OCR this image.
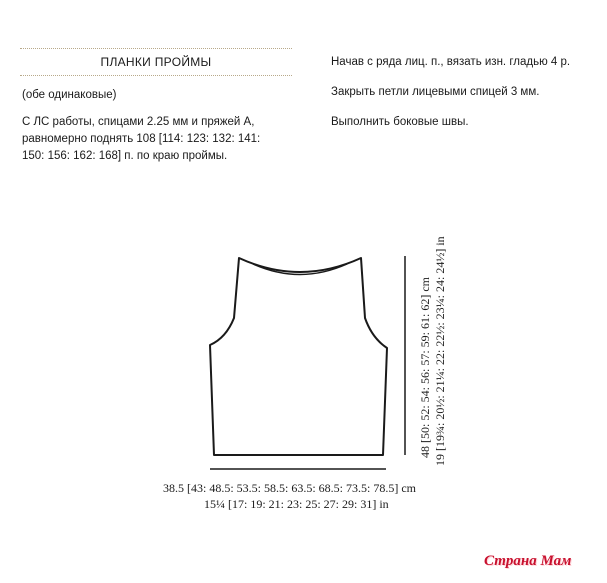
ПЛАНКИ ПРОЙМЫ
(обе одинаковые)
С ЛС работы, спицами 2.25 мм и пряжей A,
равномерно поднять 108 [114: 123: 132: 141:
150: 156: 162: 168] п. по краю проймы.

Начав с ряда лиц. п., вязать изн. гладью 4 р.

Закрыть петли лицевыми спицей 3 мм.

Выполнить боковые швы.

38.5 [43: 48.5: 53.5: 58.5: 63.5: 68.5: 73.5: 78.5] cm
15¼ [17: 19: 21: 23: 25: 27: 29: 31] in
48 [50: 52: 54: 56: 57: 59: 61: 62] cm 19 [19¾: 20½: 21¼: 22: 22½: 23¼: 24: 24½] in
Страна Мам
